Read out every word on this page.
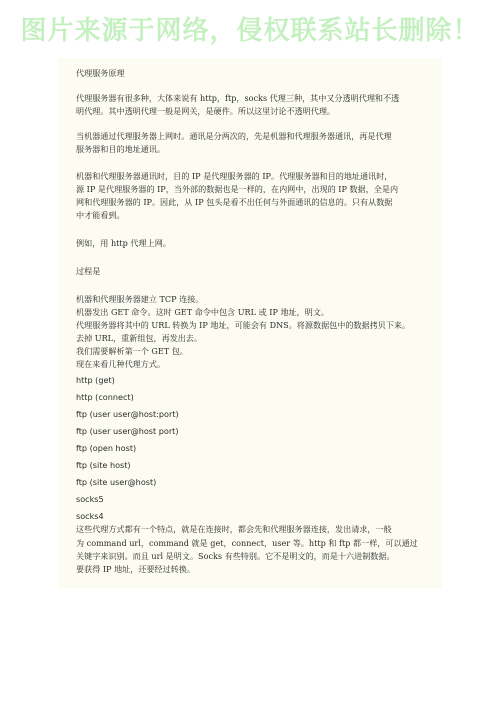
图片来源于网络，侵权联系站长删除！
代理服务原理
代理服务器有很多种，大体来说有 http，ftp，socks 代理三种，其中又分透明代理和不透
明代理。其中透明代理一般是网关，是硬件。所以这里讨论不透明代理。
当机器通过代理服务器上网时。通讯是分两次的，先是机器和代理服务器通讯，再是代理
服务器和目的地址通讯。
机器和代理服务器通讯时，目的 IP 是代理服务器的 IP。代理服务器和目的地址通讯时，
源 IP 是代理服务器的 IP，当外部的数据也是一样的，在内网中，出现的 IP 数据，全是内
网和代理服务器的 IP。因此，从 IP 包头是看不出任何与外面通讯的信息的。只有从数据
中才能看到。
例如，用 http 代理上网。
过程是
机器和代理服务器建立 TCP 连接。
机器发出 GET 命令。这时 GET 命令中包含 URL 或 IP 地址，明文。
代理服务器将其中的 URL 转换为 IP 地址，可能会有 DNS。将源数据包中的数据拷贝下来。
去掉 URL，重新组包，再发出去。
我们需要解析第一个 GET 包。
现在来看几种代理方式。
http (get)
http (connect)
ftp (user user@host:port)
ftp (user user@host port)
ftp (open host)
ftp (site host)
ftp (site user@host)
socks5
socks4
这些代理方式都有一个特点，就是在连接时，都会先和代理服务器连接，发出请求，一般
为 command url，command 就是 get，connect，user 等。http 和 ftp 都一样，可以通过
关键字来识别。而且 url 是明文。Socks 有些特别。它不是明文的，而是十六进制数据。
要获得 IP 地址，还要经过转换。
